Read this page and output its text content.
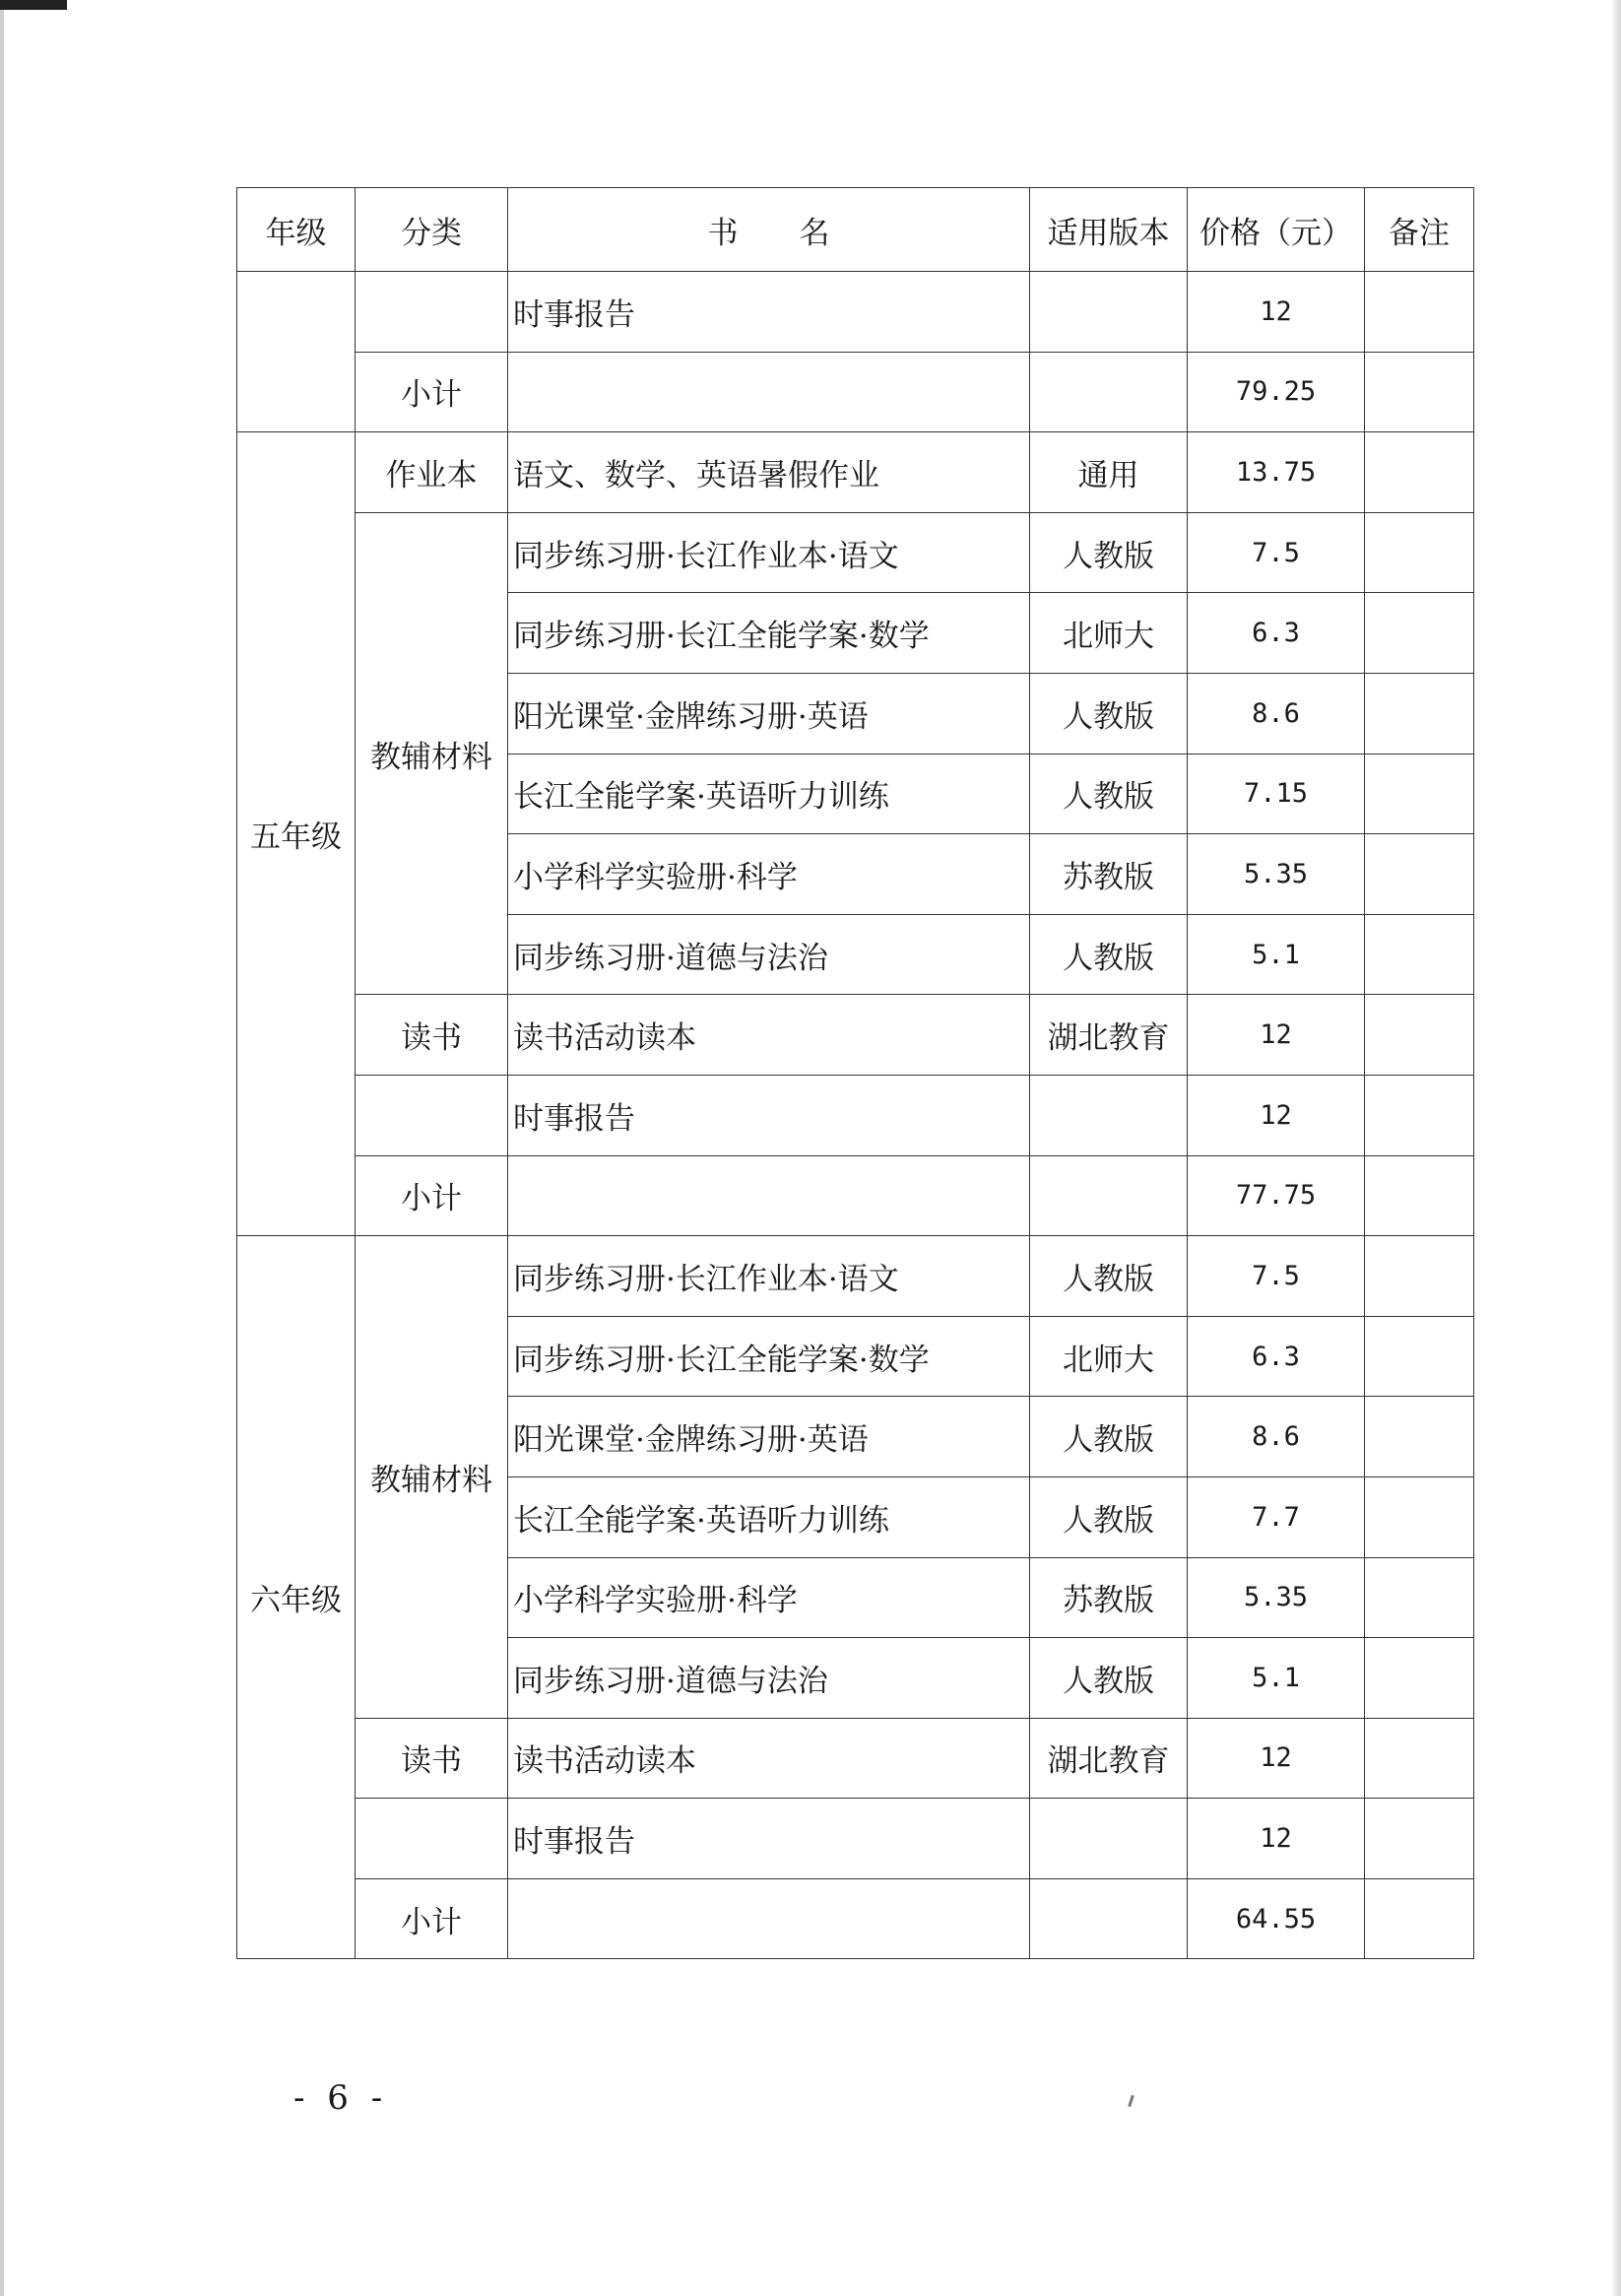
年级	分类	书　　名	适用版本	价格（元）	备注
		时事报告		12	
	小计			79.25	
五年级	作业本	语文、数学、英语暑假作业	通用	13.75	
	教辅材料	同步练习册·长江作业本·语文	人教版	7.5	
		同步练习册·长江全能学案·数学	北师大	6.3	
		阳光课堂·金牌练习册·英语	人教版	8.6	
		长江全能学案·英语听力训练	人教版	7.15	
		小学科学实验册·科学	苏教版	5.35	
		同步练习册·道德与法治	人教版	5.1	
	读书	读书活动读本	湖北教育	12	
		时事报告		12	
	小计			77.75	
六年级	教辅材料	同步练习册·长江作业本·语文	人教版	7.5	
		同步练习册·长江全能学案·数学	北师大	6.3	
		阳光课堂·金牌练习册·英语	人教版	8.6	
		长江全能学案·英语听力训练	人教版	7.7	
		小学科学实验册·科学	苏教版	5.35	
		同步练习册·道德与法治	人教版	5.1	
	读书	读书活动读本	湖北教育	12	
		时事报告		12	
	小计			64.55	
- 6 -
